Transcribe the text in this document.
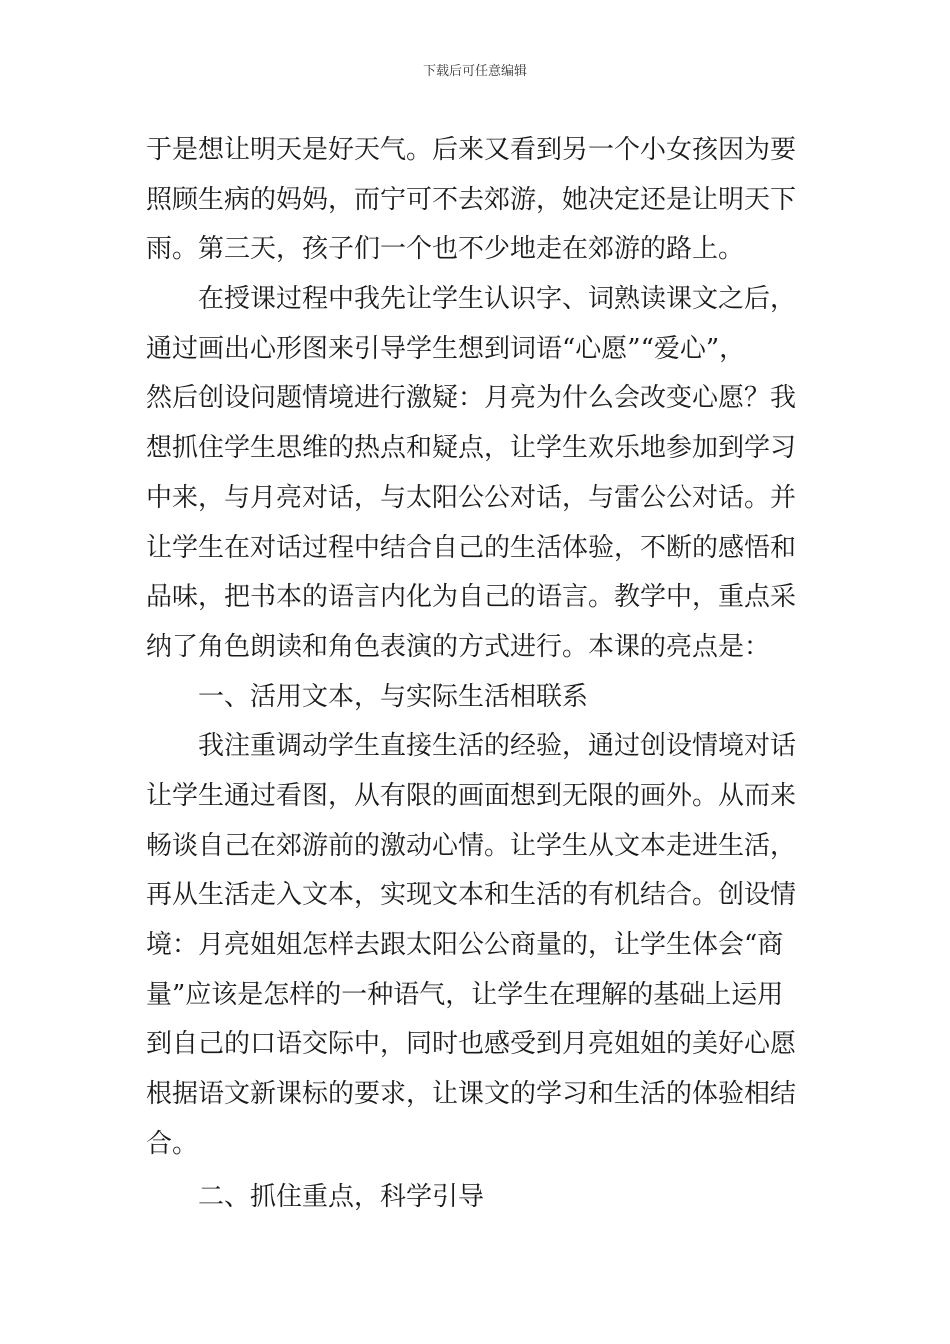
下载后可任意编辑
于是想让明天是好天气。后来又看到另一个小女孩因为要
照顾生病的妈妈，而宁可不去郊游，她决定还是让明天下
雨。第三天，孩子们一个也不少地走在郊游的路上。
在授课过程中我先让学生认识字、词熟读课文之后，
通过画出心形图来引导学生想到词语“心愿”“爱心”，
然后创设问题情境进行激疑：月亮为什么会改变心愿？我
想抓住学生思维的热点和疑点，让学生欢乐地参加到学习
中来，与月亮对话，与太阳公公对话，与雷公公对话。并
让学生在对话过程中结合自己的生活体验，不断的感悟和
品味，把书本的语言内化为自己的语言。教学中，重点采
纳了角色朗读和角色表演的方式进行。本课的亮点是：
一、活用文本，与实际生活相联系
我注重调动学生直接生活的经验，通过创设情境对话
让学生通过看图，从有限的画面想到无限的画外。从而来
畅谈自己在郊游前的激动心情。让学生从文本走进生活，
再从生活走入文本，实现文本和生活的有机结合。创设情
境：月亮姐姐怎样去跟太阳公公商量的，让学生体会“商
量”应该是怎样的一种语气，让学生在理解的基础上运用
到自己的口语交际中，同时也感受到月亮姐姐的美好心愿
根据语文新课标的要求，让课文的学习和生活的体验相结
合。
二、抓住重点，科学引导
